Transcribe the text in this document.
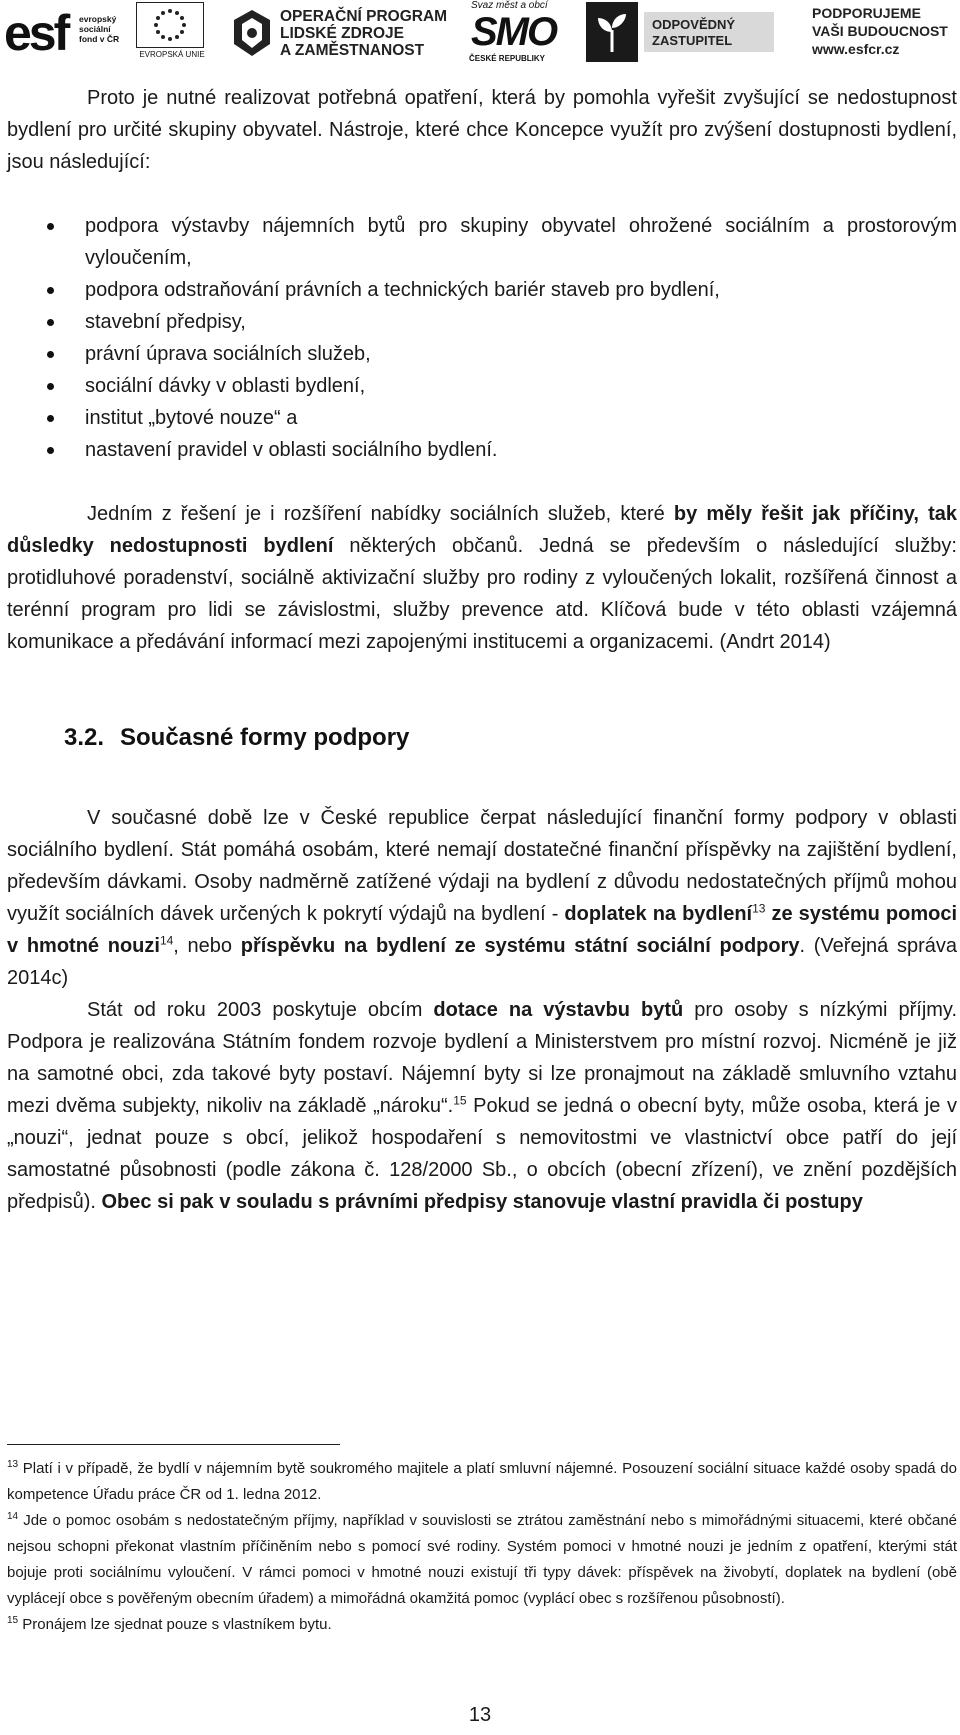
esf evropský
sociální
fond v ČR
EVROPSKÁ UNIE
OPERAČNÍ PROGRAM
LIDSKÉ ZDROJE
A ZAMĚSTNANOST
Svaz měst a obcí
SMO
ČESKÉ REPUBLIKY
ODPOVĚDNÝ
ZASTUPITEL
PODPORUJEME
VAŠI BUDOUCNOST
www.esfcr.cz

Proto je nutné realizovat potřebná opatření, která by pomohla vyřešit zvyšující se nedostupnost bydlení pro určité skupiny obyvatel. Nástroje, které chce Koncepce využít pro zvýšení dostupnosti bydlení, jsou následující:

podpora výstavby nájemních bytů pro skupiny obyvatel ohrožené sociálním a prostorovým vyloučením,
podpora odstraňování právních a technických bariér staveb pro bydlení,
stavební předpisy,
právní úprava sociálních služeb,
sociální dávky v oblasti bydlení,
institut „bytové nouze“ a
nastavení pravidel v oblasti sociálního bydlení.

Jedním z řešení je i rozšíření nabídky sociálních služeb, které by měly řešit jak příčiny, tak důsledky nedostupnosti bydlení některých občanů. Jedná se především o následující služby: protidluhové poradenství, sociálně aktivizační služby pro rodiny z vyloučených lokalit, rozšířená činnost a terénní program pro lidi se závislostmi, služby prevence atd. Klíčová bude v této oblasti vzájemná komunikace a předávání informací mezi zapojenými institucemi a organizacemi. (Andrt 2014)

3.2. Současné formy podpory

V současné době lze v České republice čerpat následující finanční formy podpory v oblasti sociálního bydlení. Stát pomáhá osobám, které nemají dostatečné finanční příspěvky na zajištění bydlení, především dávkami. Osoby nadměrně zatížené výdaji na bydlení z důvodu nedostatečných příjmů mohou využít sociálních dávek určených k pokrytí výdajů na bydlení - doplatek na bydlení$^{13}$ ze systému pomoci v hmotné nouzi$^{14}$, nebo příspěvku na bydlení ze systému státní sociální podpory. (Veřejná správa 2014c)

Stát od roku 2003 poskytuje obcím dotace na výstavbu bytů pro osoby s nízkými příjmy. Podpora je realizována Státním fondem rozvoje bydlení a Ministerstvem pro místní rozvoj. Nicméně je již na samotné obci, zda takové byty postaví. Nájemní byty si lze pronajmout na základě smluvního vztahu mezi dvěma subjekty, nikoliv na základě „nároku“.$^{15}$ Pokud se jedná o obecní byty, může osoba, která je v „nouzi“, jednat pouze s obcí, jelikož hospodaření s nemovitostmi ve vlastnictví obce patří do její samostatné působnosti (podle zákona č. 128/2000 Sb., o obcích (obecní zřízení), ve znění pozdějších předpisů). Obec si pak v souladu s právními předpisy stanovuje vlastní pravidla či postupy

$^{13}$ Platí i v případě, že bydlí v nájemním bytě soukromého majitele a platí smluvní nájemné. Posouzení sociální situace každé osoby spadá do kompetence Úřadu práce ČR od 1. ledna 2012.

$^{14}$ Jde o pomoc osobám s nedostatečným příjmy, například v souvislosti se ztrátou zaměstnání nebo s mimořádnými situacemi, které občané nejsou schopni překonat vlastním příčiněním nebo s pomocí své rodiny. Systém pomoci v hmotné nouzi je jedním z opatření, kterými stát bojuje proti sociálnímu vyloučení. V rámci pomoci v hmotné nouzi existují tři typy dávek: příspěvek na živobytí, doplatek na bydlení (obě vyplácejí obce s pověřeným obecním úřadem) a mimořádná okamžitá pomoc (vyplácí obec s rozšířenou působností).

$^{15}$ Pronájem lze sjednat pouze s vlastníkem bytu.

13
